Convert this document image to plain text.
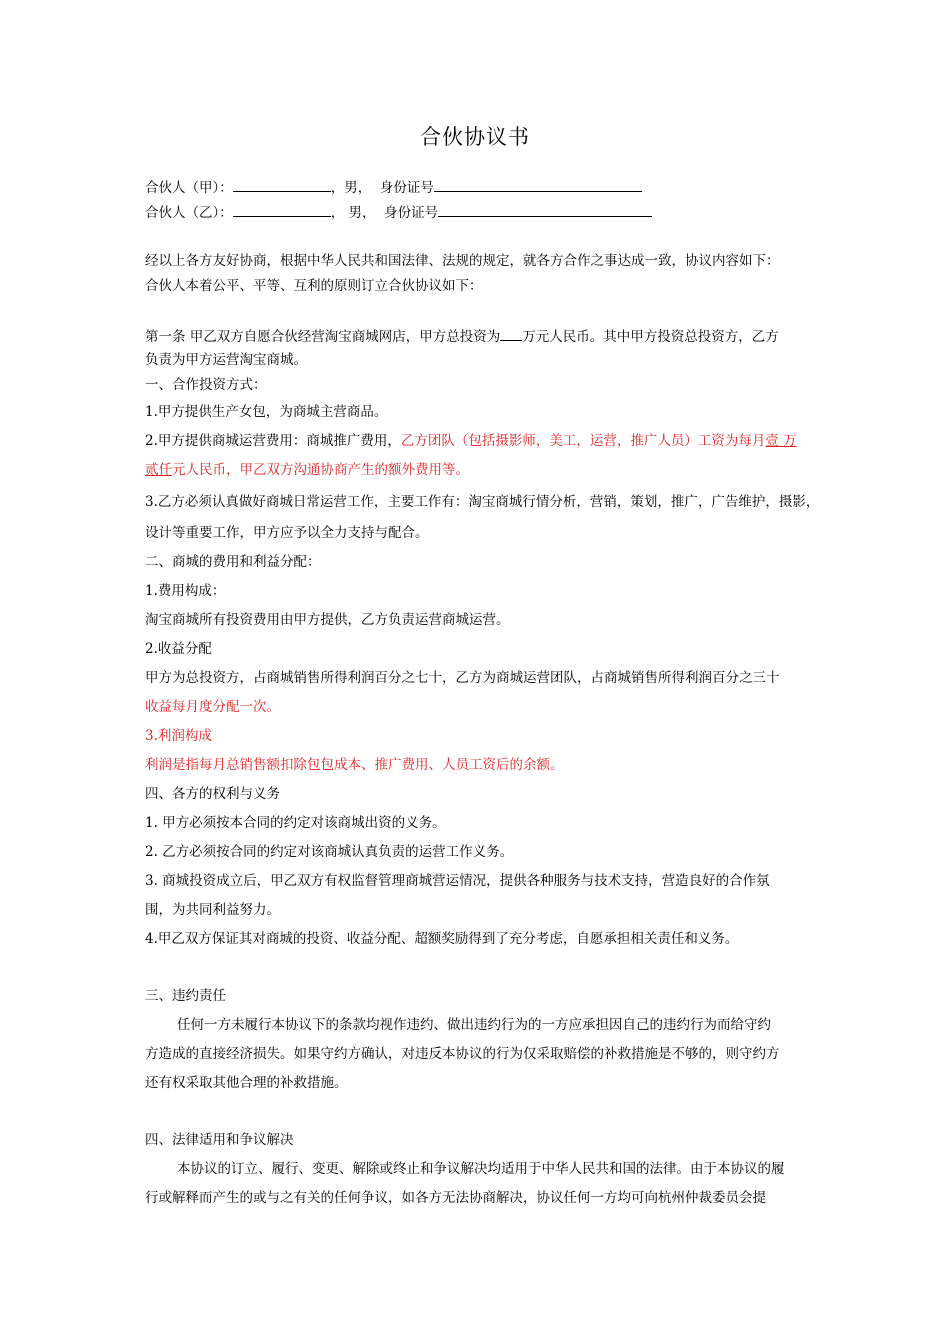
合伙协议书
合伙人（甲）：	，男， 身份证号
合伙人（乙）：	， 男， 身份证号
经以上各方友好协商，根据中华人民共和国法律、法规的规定，就各方合作之事达成一致，协议内容如下：
合伙人本着公平、平等、互利的原则订立合伙协议如下：
第一条 甲乙双方自愿合伙经营淘宝商城网店，甲方总投资为 万元人民币。其中甲方投资总投资方，乙方
负责为甲方运营淘宝商城。
一、合作投资方式：
1.甲方提供生产女包，为商城主营商品。
2.甲方提供商城运营费用：商城推广费用，乙方团队（包括摄影师，美工，运营，推广人员）工资为每月壹 万
贰仟元人民币，甲乙双方沟通协商产生的额外费用等。
3.乙方必须认真做好商城日常运营工作，主要工作有：淘宝商城行情分析，营销，策划，推广，广告维护，摄影，
设计等重要工作，甲方应予以全力支持与配合。
二、商城的费用和利益分配：
1.费用构成：
淘宝商城所有投资费用由甲方提供，乙方负责运营商城运营。
2.收益分配
甲方为总投资方，占商城销售所得利润百分之七十，乙方为商城运营团队，占商城销售所得利润百分之三十
收益每月度分配一次。
3.利润构成
利润是指每月总销售额扣除包包成本、推广费用、人员工资后的余额。
四、各方的权利与义务
1. 甲方必须按本合同的约定对该商城出资的义务。
2. 乙方必须按合同的约定对该商城认真负责的运营工作义务。
3. 商城投资成立后，甲乙双方有权监督管理商城营运情况，提供各种服务与技术支持，营造良好的合作氛
围，为共同利益努力。
4.甲乙双方保证其对商城的投资、收益分配、超额奖励得到了充分考虑，自愿承担相关责任和义务。
三、违约责任
任何一方未履行本协议下的条款均视作违约、做出违约行为的一方应承担因自己的违约行为而给守约
方造成的直接经济损失。如果守约方确认，对违反本协议的行为仅采取赔偿的补救措施是不够的，则守约方
还有权采取其他合理的补救措施。
四、法律适用和争议解决
本协议的订立、履行、变更、解除或终止和争议解决均适用于中华人民共和国的法律。由于本协议的履
行或解释而产生的或与之有关的任何争议，如各方无法协商解决，协议任何一方均可向杭州仲裁委员会提
